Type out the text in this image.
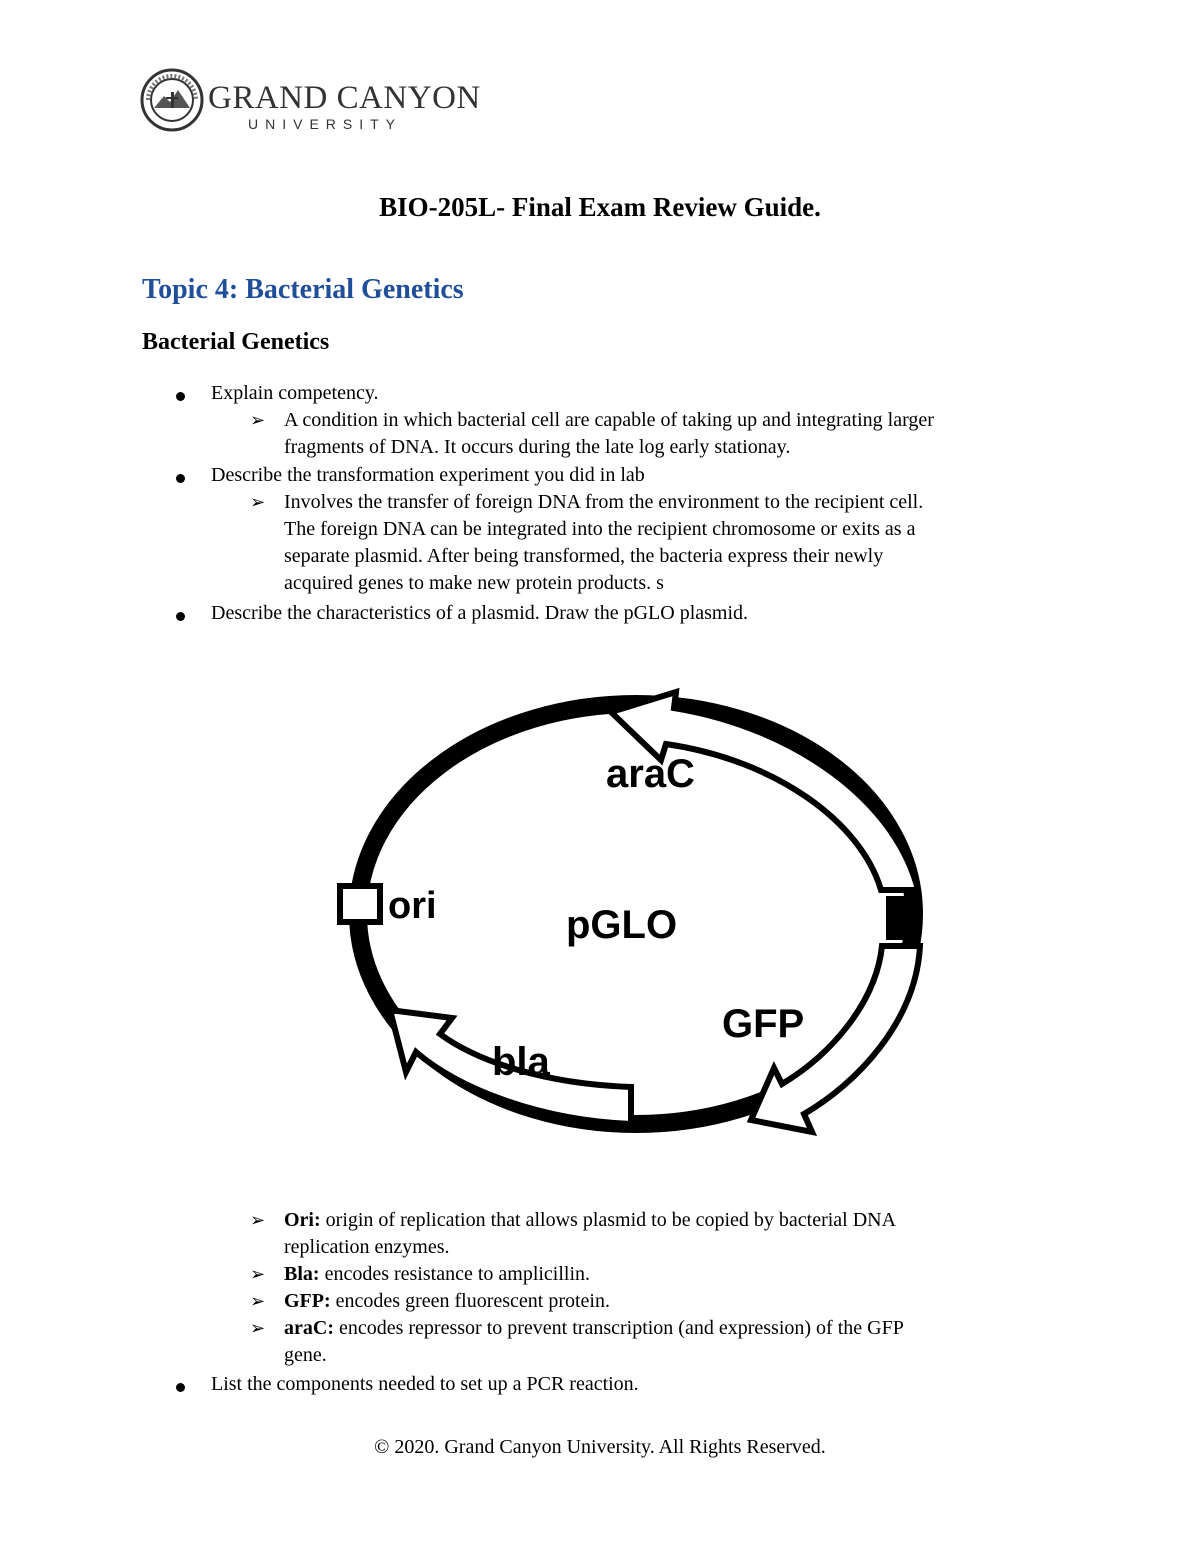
GRAND CANYON
UNIVERSITY
BIO-205L- Final Exam Review Guide.
Topic 4: Bacterial Genetics
Bacterial Genetics
Explain competency.
➢ A condition in which bacterial cell are capable of taking up and integrating larger
fragments of DNA. It occurs during the late log early stationay.
Describe the transformation experiment you did in lab
➢ Involves the transfer of foreign DNA from the environment to the recipient cell.
The foreign DNA can be integrated into the recipient chromosome or exits as a
separate plasmid. After being transformed, the bacteria express their newly
acquired genes to make new protein products. s
Describe the characteristics of a plasmid. Draw the pGLO plasmid.
ori	pGLO
araC
GFP
bla
➢ Ori: origin of replication that allows plasmid to be copied by bacterial DNA
replication enzymes.
➢ Bla: encodes resistance to amplicillin.
➢ GFP: encodes green fluorescent protein.
➢ araC: encodes repressor to prevent transcription (and expression) of the GFP
gene.
List the components needed to set up a PCR reaction.
© 2020. Grand Canyon University. All Rights Reserved.
